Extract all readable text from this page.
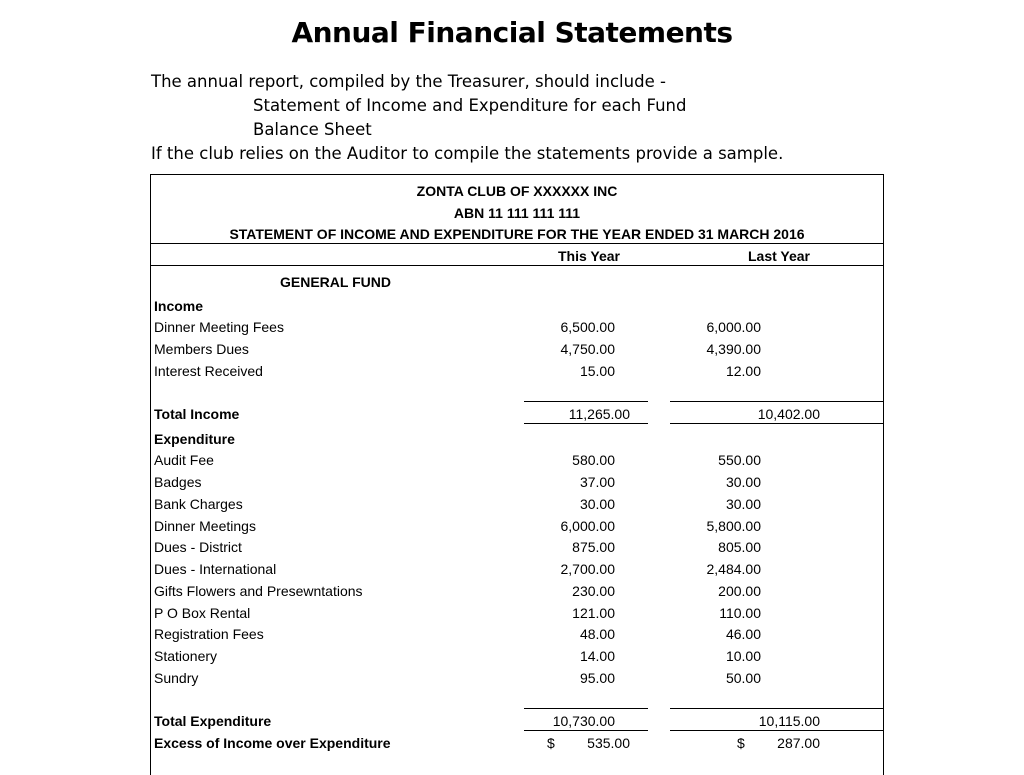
Annual Financial Statements
The annual report, compiled by the Treasurer, should include -
Statement of Income and Expenditure for each Fund
Balance Sheet
If the club relies on the Auditor to compile the statements provide a sample.
ZONTA CLUB OF XXXXXX INC
ABN 11 111 111 111
STATEMENT OF INCOME AND EXPENDITURE FOR THE YEAR ENDED 31 MARCH 2016
This Year	Last Year
GENERAL FUND
Income
Dinner Meeting Fees	6,500.00	6,000.00
Members Dues	4,750.00	4,390.00
Interest Received	15.00	12.00
Total Income	11,265.00	10,402.00
Expenditure
Audit Fee	580.00	550.00
Badges	37.00	30.00
Bank Charges	30.00	30.00
Dinner Meetings	6,000.00	5,800.00
Dues - District	875.00	805.00
Dues - International	2,700.00	2,484.00
Gifts Flowers and Presewntations	230.00	200.00
P O Box Rental	121.00	110.00
Registration Fees	48.00	46.00
Stationery	14.00	10.00
Sundry	95.00	50.00
Total Expenditure	10,730.00	10,115.00
Excess of Income over Expenditure	$ 535.00	$ 287.00
